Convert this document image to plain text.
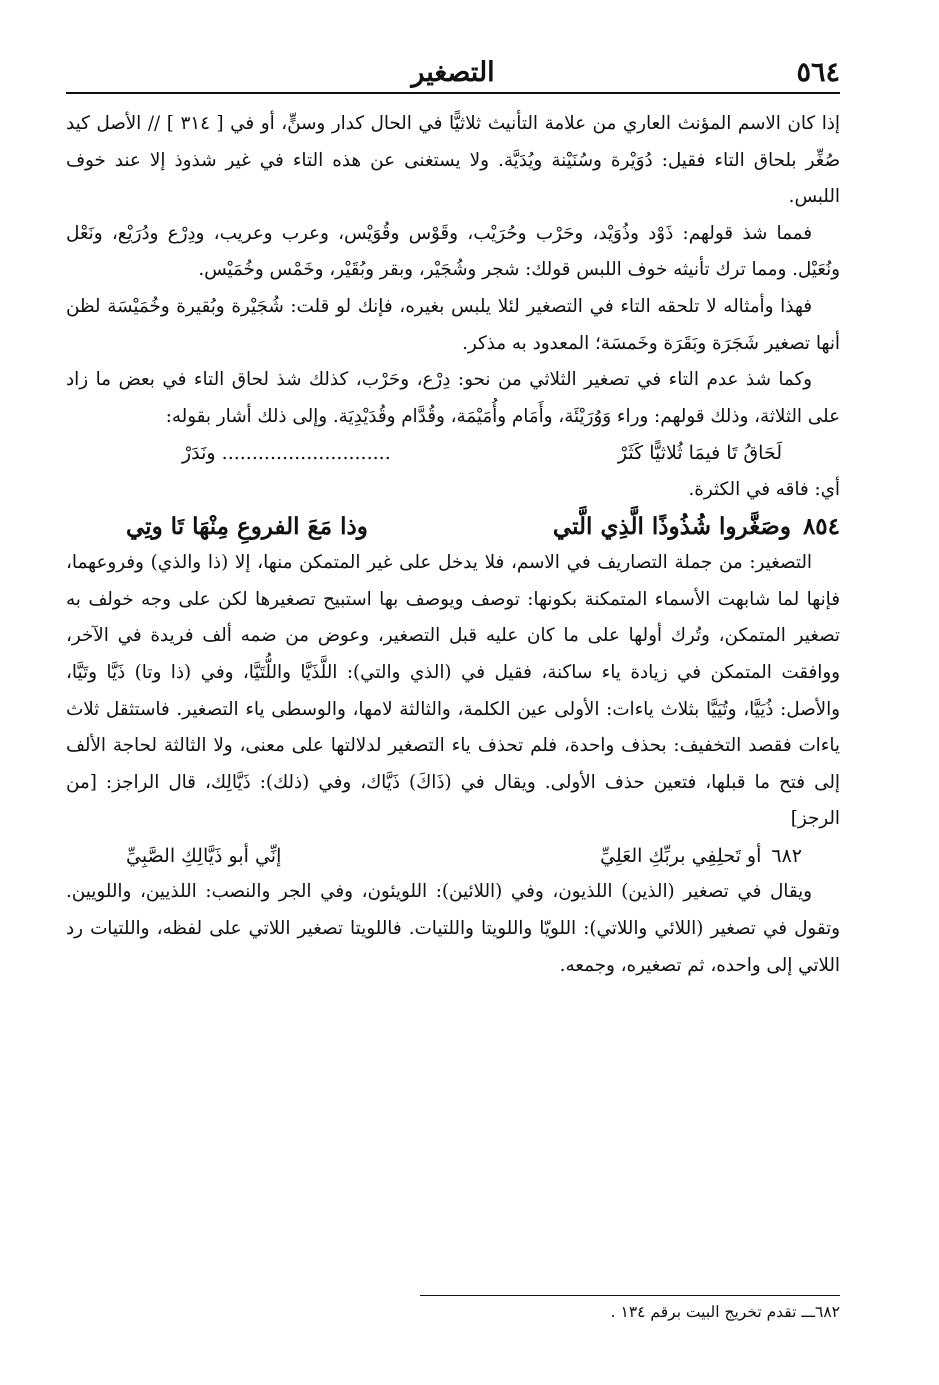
٥٦٤
التصغير

إذا كان الاسم المؤنث العاري من علامة التأنيث ثلاثيًّا في الحال كدار وسنٍّ، أو في [ ٣١٤ ] // الأصل كيد صُغِّر بلحاق التاء فقيل: دُوَيْرة وسُنَيْنة ويُدَيَّة. ولا يستغنى عن هذه التاء في غير شذوذ إلا عند خوف اللبس.

فمما شذ قولهم: ذَوْد وذُوَيْد، وحَرْب وحُرَيْب، وقَوْس وقُوَيْس، وعرب وعريب، ودِرْع ودُرَيْع، ونَعْل ونُعَيْل. ومما ترك تأنيثه خوف اللبس قولك: شجر وشُجَيْر، وبقر وبُقَيْر، وخَمْس وخُمَيْس.

فهذا وأمثاله لا تلحقه التاء في التصغير لئلا يلبس بغيره، فإنك لو قلت: شُجَيْرة وبُقيرة وخُمَيْسَة لظن أنها تصغير شَجَرَة وبَقَرَة وخَمسَة؛ المعدود به مذكر.

وكما شذ عدم التاء في تصغير الثلاثي من نحو: دِرْع، وحَرْب، كذلك شذ لحاق التاء في بعض ما زاد على الثلاثة، وذلك قولهم: وراء وَوُرَيْئَة، وأَمَام وأُمَيْمَة، وقُدَّام وقُدَيْدِيَة. وإلى ذلك أشار بقوله:

لَحَاقُ تَا فيمَا ثُلاثيًّا كَثَرْ
............................ ونَدَرْ

أي: فاقه في الكثرة.

٨٥٤وصَغَّروا شُذُوذًا الَّذِي الَّتي
وذا مَعَ الفروعِ مِنْهَا تَا وتِي

التصغير: من جملة التصاريف في الاسم، فلا يدخل على غير المتمكن منها، إلا (ذا والذي) وفروعهما، فإنها لما شابهت الأسماء المتمكنة بكونها: توصف ويوصف بها استبيح تصغيرها لكن على وجه خولف به تصغير المتمكن، وتُرك أولها على ما كان عليه قبل التصغير، وعوض من ضمه ألف فريدة في الآخر، ووافقت المتمكن في زيادة ياء ساكنة، فقيل في (الذي والتي): اللَّذَيَّا واللُّتَيَّا، وفي (ذا وتا) ذَيَّا وتَيَّا، والأصل: ذُيَيَّا، وتُيَيَّا بثلاث ياءات: الأولى عين الكلمة، والثالثة لامها، والوسطى ياء التصغير. فاستثقل ثلاث ياءات فقصد التخفيف: بحذف واحدة، فلم تحذف ياء التصغير لدلالتها على معنى، ولا الثالثة لحاجة الألف إلى فتح ما قبلها، فتعين حذف الأولى. ويقال في (ذَاكَ) ذَيَّاك، وفي (ذلك): ذَيَّالِك، قال الراجز: [من الرجز]

٦٨٢أو تَحلِفِي بربِّكِ العَلِيِّ
إنِّي أبو ذَيَّالِكِ الصَّبِيِّ

ويقال في تصغير (الذين) اللذيون، وفي (اللائين): اللويئون، وفي الجر والنصب: اللذيين، واللويين. وتقول في تصغير (اللائي واللاتي): اللويّا واللويتا واللتيات. فاللويتا تصغير اللاتي على لفظه، واللتيات رد اللاتي إلى واحده، ثم تصغيره، وجمعه.

٦٨٢ـــ تقدم تخريج البيت برقم ١٣٤ .
